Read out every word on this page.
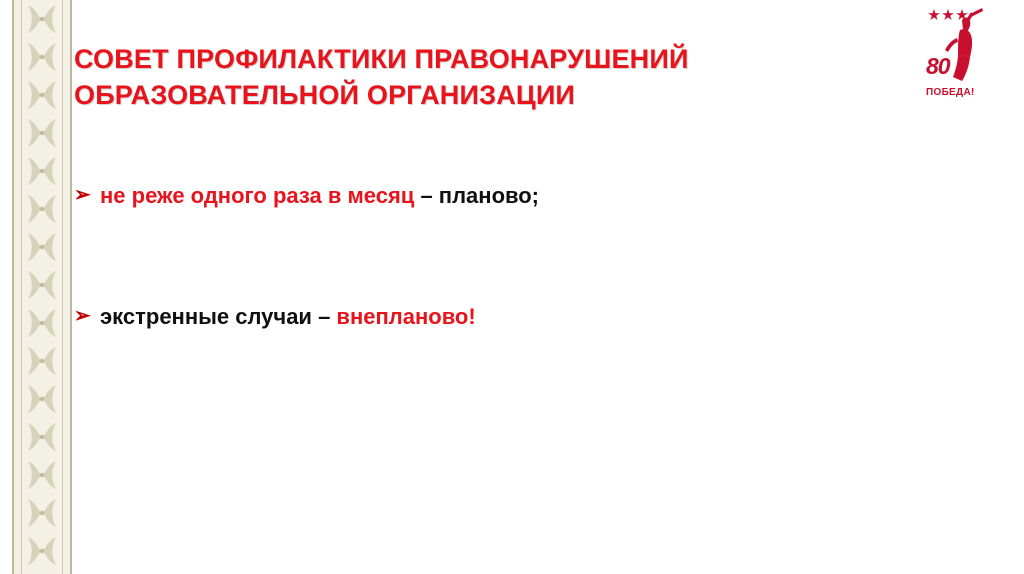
СОВЕТ ПРОФИЛАКТИКИ ПРАВОНАРУШЕНИЙ ОБРАЗОВАТЕЛЬНОЙ ОРГАНИЗАЦИИ
➢ не реже одного раза в месяц – планово;
➢ экстренные случаи – внепланово!
80
ПОБЕДА!
